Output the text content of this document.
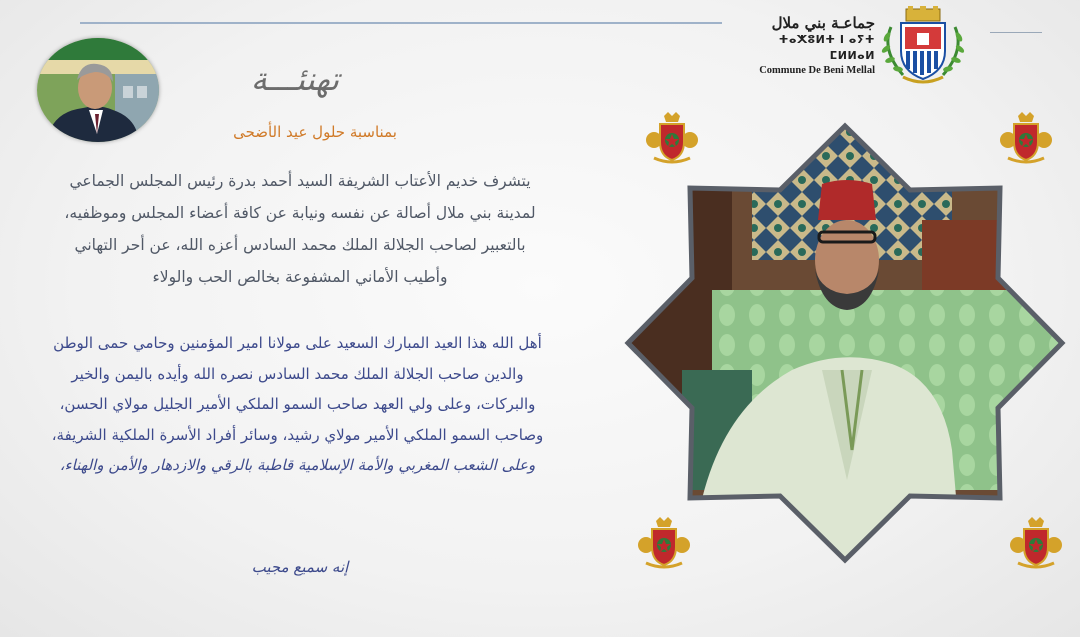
جماعـة بني ملال
ⵜⴰⵅⵓⵍⵜ ⵏ ⴰⵢⵜ ⵎⵍⵍⴰⵍ
Commune De Beni Mellal
تهنئـــة
بمناسبة حلول عيد الأضحى
يتشرف خديم الأعتاب الشريفة السيد أحمد بدرة رئيس المجلس الجماعي لمدينة بني ملال أصالة عن نفسه ونيابة عن كافة أعضاء المجلس وموظفيه، بالتعبير لصاحب الجلالة الملك محمد السادس أعزه الله، عن أحر التهاني وأطيب الأماني المشفوعة بخالص الحب والولاء
أهل الله هذا العيد المبارك السعيد على مولانا امير المؤمنين وحامي حمى الوطن والدين صاحب الجلالة الملك محمد السادس نصره الله وأيده باليمن والخير والبركات، وعلى ولي العهد صاحب السمو الملكي الأمير الجليل مولاي الحسن، وصاحب السمو الملكي الأمير مولاي رشيد، وسائر أفراد الأسرة الملكية الشريفة، وعلى الشعب المغربي والأمة الإسلامية قاطبة بالرقي والازدهار والأمن والهناء،
إنه سميع مجيب
